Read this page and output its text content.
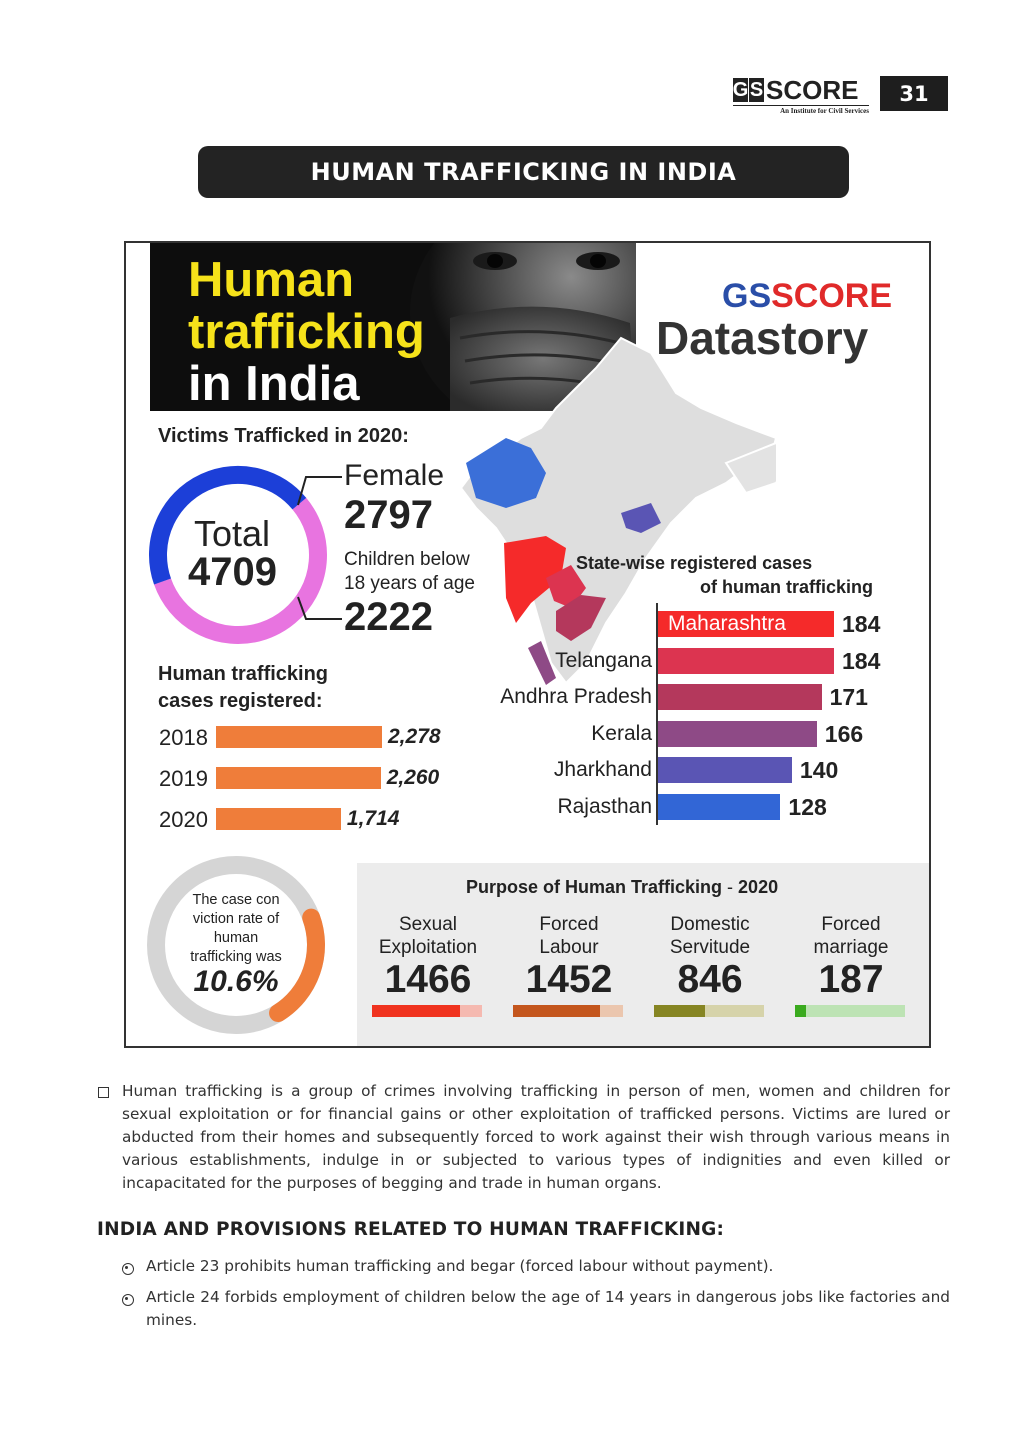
G S SCORE
An Institute for Civil Services
31
HUMAN TRAFFICKING IN INDIA
Human
trafficking
in India
GSSCORE
Datastory
Victims Trafficked in 2020:
Total
4709
Female
2797
Children below
18 years of age
2222
Human trafficking
cases registered:
2018	2,278
2019	2,260
2020	1,714
State-wise registered cases
of human trafficking
Maharashtra 184
Telangana	184
Andhra Pradesh	171
Kerala	166
Jharkhand	140
Rajasthan	128
The case con
viction rate of
human
trafficking was
10.6%
Purpose of Human Trafficking - 2020
Sexual
Exploitation
1466
Forced
Labour
1452
Domestic
Servitude
846
Forced
marriage
187
Human trafficking is a group of crimes involving trafficking in person of men, women and children for sexual exploitation or for financial gains or other exploitation of trafficked persons. Victims are lured or abducted from their homes and subsequently forced to work against their wish through various means in various establishments, indulge in or subjected to various types of indignities and even killed or incapacitated for the purposes of begging and trade in human organs.
INDIA AND PROVISIONS RELATED TO HUMAN TRAFFICKING:
Article 23 prohibits human trafficking and begar (forced labour without payment).
Article 24 forbids employment of children below the age of 14 years in dangerous jobs like factories and mines.
